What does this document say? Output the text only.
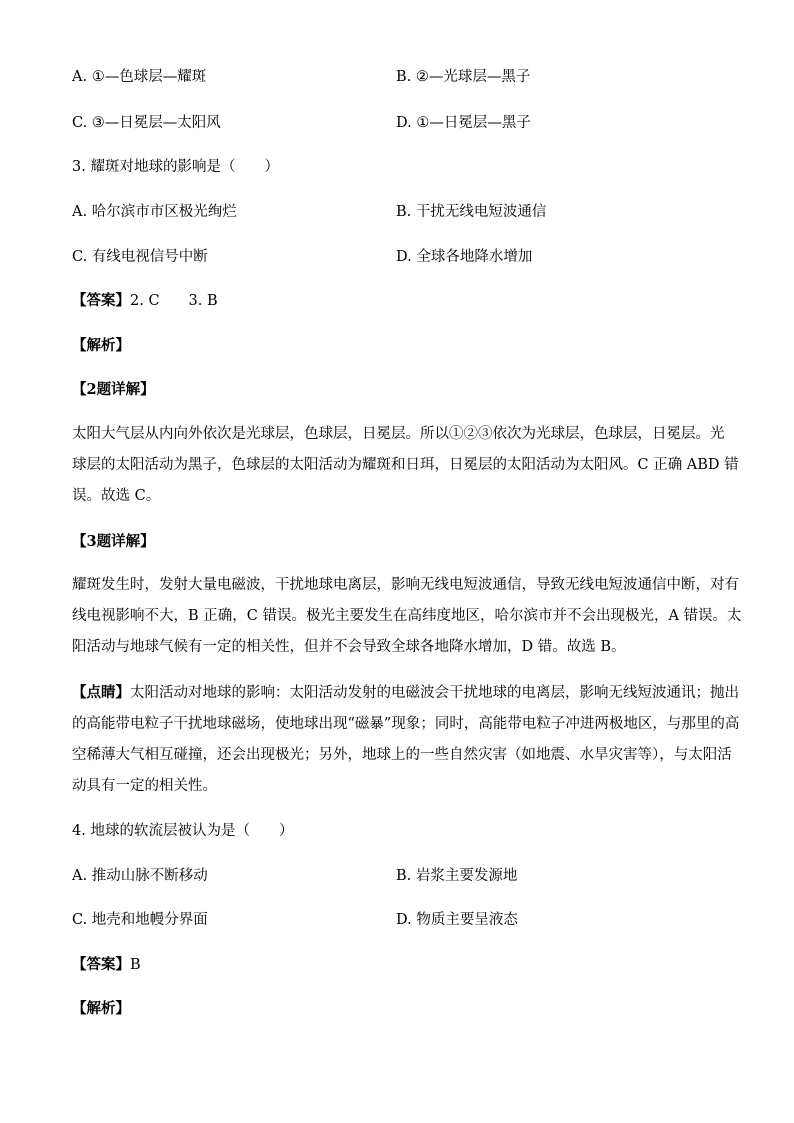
A. ①—色球层—耀斑	B. ②—光球层—黑子
C. ③—日冕层—太阳风	D. ①—日冕层—黑子
3. 耀斑对地球的影响是（　　）
A. 哈尔滨市市区极光绚烂	B. 干扰无线电短波通信
C. 有线电视信号中断	D. 全球各地降水增加
【答案】2. C　　3. B
【解析】
【2题详解】
太阳大气层从内向外依次是光球层，色球层，日冕层。所以①②③依次为光球层，色球层，日冕层。光
球层的太阳活动为黑子，色球层的太阳活动为耀斑和日珥，日冕层的太阳活动为太阳风。C 正确 ABD 错
误。故选 C。
【3题详解】
耀斑发生时，发射大量电磁波，干扰地球电离层，影响无线电短波通信，导致无线电短波通信中断，对有
线电视影响不大，B 正确，C 错误。极光主要发生在高纬度地区，哈尔滨市并不会出现极光，A 错误。太
阳活动与地球气候有一定的相关性，但并不会导致全球各地降水增加，D 错。故选 B。
【点睛】太阳活动对地球的影响：太阳活动发射的电磁波会干扰地球的电离层，影响无线短波通讯；抛出
的高能带电粒子干扰地球磁场，使地球出现“磁暴”现象；同时，高能带电粒子冲进两极地区，与那里的高
空稀薄大气相互碰撞，还会出现极光；另外，地球上的一些自然灾害（如地震、水旱灾害等），与太阳活
动具有一定的相关性。
4. 地球的软流层被认为是（　　）
A. 推动山脉不断移动	B. 岩浆主要发源地
C. 地壳和地幔分界面	D. 物质主要呈液态
【答案】B
【解析】
